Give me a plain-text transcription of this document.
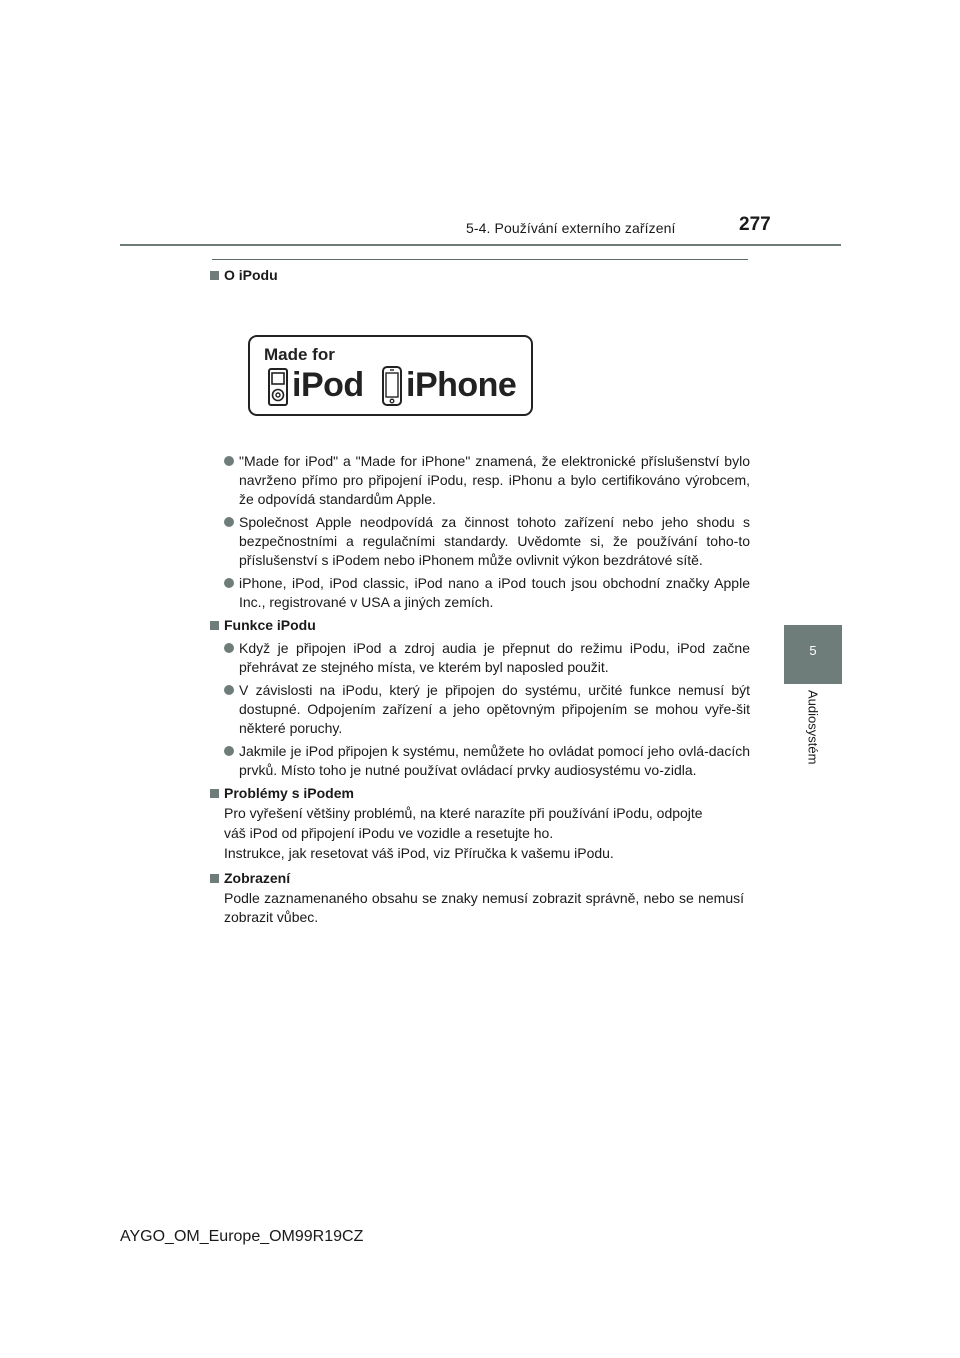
5-4. Používání externího zařízení	277
5
Audiosystém
Made for
iPod iPhone
O iPodu
"Made for iPod" a "Made for iPhone" znamená, že elektronické příslušenství bylo navrženo přímo pro připojení iPodu, resp. iPhonu a bylo certifikováno výrobcem, že odpovídá standardům Apple.
Společnost Apple neodpovídá za činnost tohoto zařízení nebo jeho shodu s bezpečnostními a regulačními standardy. Uvědomte si, že používání toho-to příslušenství s iPodem nebo iPhonem může ovlivnit výkon bezdrátové sítě.
iPhone, iPod, iPod classic, iPod nano a iPod touch jsou obchodní značky Apple Inc., registrované v USA a jiných zemích.
Funkce iPodu
Když je připojen iPod a zdroj audia je přepnut do režimu iPodu, iPod začne přehrávat ze stejného místa, ve kterém byl naposled použit.
V závislosti na iPodu, který je připojen do systému, určité funkce nemusí být dostupné. Odpojením zařízení a jeho opětovným připojením se mohou vyře-šit některé poruchy.
Jakmile je iPod připojen k systému, nemůžete ho ovládat pomocí jeho ovlá-dacích prvků. Místo toho je nutné používat ovládací prvky audiosystému vo-zidla.
Problémy s iPodem
Pro vyřešení většiny problémů, na které narazíte při používání iPodu, odpojte
váš iPod od připojení iPodu ve vozidle a resetujte ho.
Instrukce, jak resetovat váš iPod, viz Příručka k vašemu iPodu.
Zobrazení
Podle zaznamenaného obsahu se znaky nemusí zobrazit správně, nebo se nemusí zobrazit vůbec.
AYGO_OM_Europe_OM99R19CZ
